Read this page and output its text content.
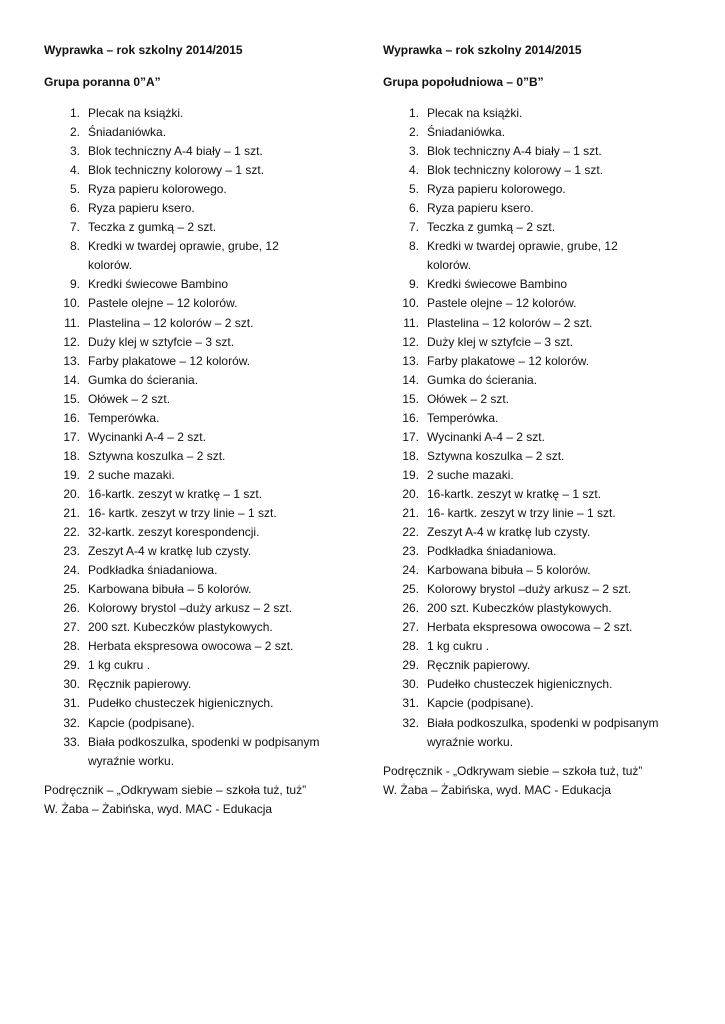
Wyprawka – rok szkolny 2014/2015
Grupa poranna 0”A”
1. Plecak na książki.
2. Śniadaniówka.
3. Blok techniczny A-4 biały – 1 szt.
4. Blok techniczny kolorowy – 1 szt.
5. Ryza papieru kolorowego.
6. Ryza papieru ksero.
7. Teczka z gumką – 2 szt.
8. Kredki w twardej oprawie, grube, 12 kolorów.
9. Kredki świecowe Bambino
10. Pastele olejne – 12 kolorów.
11. Plastelina – 12 kolorów – 2 szt.
12. Duży klej w sztyfcie – 3 szt.
13. Farby plakatowe – 12 kolorów.
14. Gumka do ścierania.
15. Ołówek – 2 szt.
16. Temperówka.
17. Wycinanki A-4 – 2 szt.
18. Sztywna koszulka – 2 szt.
19. 2 suche mazaki.
20. 16-kartk. zeszyt w kratkę – 1 szt.
21. 16- kartk. zeszyt w trzy linie – 1 szt.
22. 32-kartk. zeszyt korespondencji.
23. Zeszyt A-4 w kratkę lub czysty.
24. Podkładka śniadaniowa.
25. Karbowana bibuła – 5 kolorów.
26. Kolorowy brystol –duży arkusz – 2 szt.
27. 200 szt. Kubeczków plastykowych.
28. Herbata ekspresowa owocowa – 2 szt.
29. 1 kg cukru .
30. Ręcznik papierowy.
31. Pudełko chusteczek higienicznych.
32. Kapcie (podpisane).
33. Biała podkoszulka, spodenki w podpisanym wyraźnie worku.
Podręcznik – „Odkrywam siebie – szkoła tuż, tuż”
W. Żaba – Żabińska, wyd. MAC - Edukacja
Wyprawka – rok szkolny 2014/2015
Grupa popołudniowa – 0”B”
1. Plecak na książki.
2. Śniadaniówka.
3. Blok techniczny A-4 biały – 1 szt.
4. Blok techniczny kolorowy – 1 szt.
5. Ryza papieru kolorowego.
6. Ryza papieru ksero.
7. Teczka z gumką – 2 szt.
8. Kredki w twardej oprawie, grube, 12 kolorów.
9. Kredki świecowe Bambino
10. Pastele olejne – 12 kolorów.
11. Plastelina – 12 kolorów – 2 szt.
12. Duży klej w sztyfcie – 3 szt.
13. Farby plakatowe – 12 kolorów.
14. Gumka do ścierania.
15. Ołówek – 2 szt.
16. Temperówka.
17. Wycinanki A-4 – 2 szt.
18. Sztywna koszulka – 2 szt.
19. 2 suche mazaki.
20. 16-kartk. zeszyt w kratkę – 1 szt.
21. 16- kartk. zeszyt w trzy linie – 1 szt.
22. Zeszyt A-4 w kratkę lub czysty.
23. Podkładka śniadaniowa.
24. Karbowana bibuła – 5 kolorów.
25. Kolorowy brystol –duży arkusz – 2 szt.
26. 200 szt. Kubeczków plastykowych.
27. Herbata ekspresowa owocowa – 2 szt.
28. 1 kg cukru .
29. Ręcznik papierowy.
30. Pudełko chusteczek higienicznych.
31. Kapcie (podpisane).
32. Biała podkoszulka, spodenki w podpisanym wyraźnie worku.
Podręcznik - „Odkrywam siebie – szkoła tuż, tuż”
W. Żaba – Żabińska, wyd. MAC - Edukacja
